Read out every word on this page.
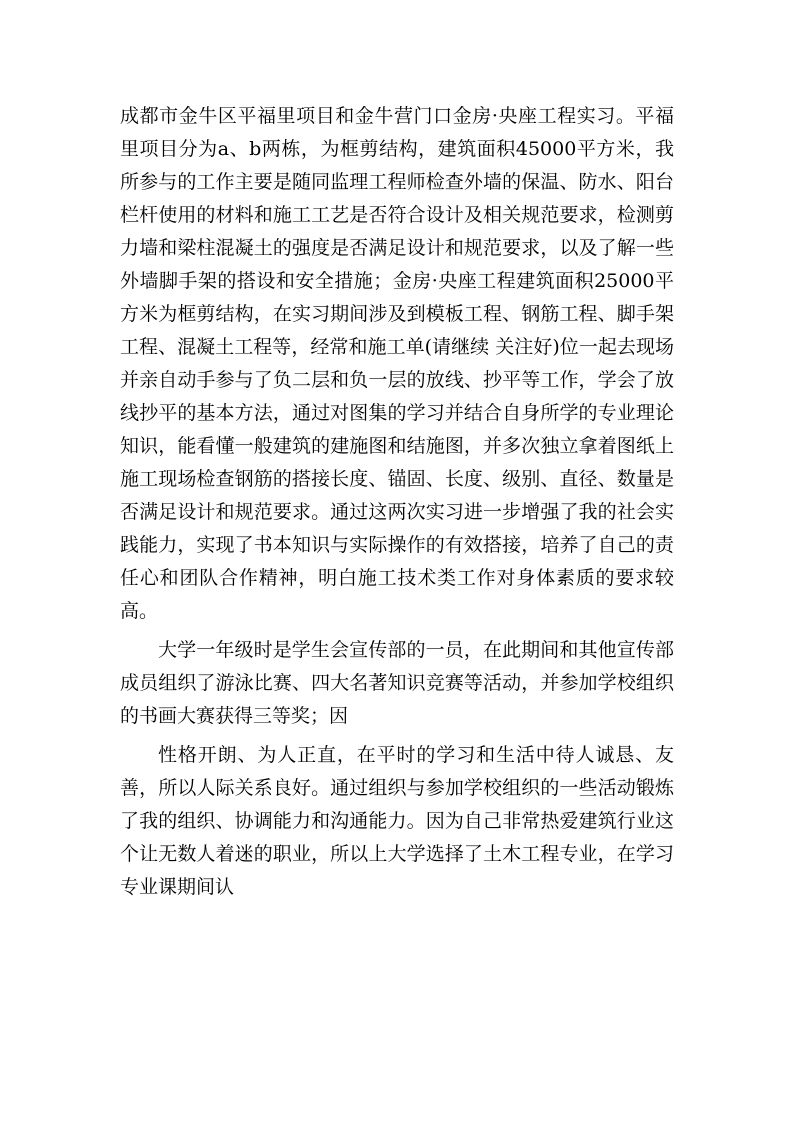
成都市金牛区平福里项目和金牛营门口金房·央座工程实习。平福里项目分为a、b两栋，为框剪结构，建筑面积45000平方米，我所参与的工作主要是随同监理工程师检查外墙的保温、防水、阳台栏杆使用的材料和施工工艺是否符合设计及相关规范要求，检测剪力墙和梁柱混凝土的强度是否满足设计和规范要求，以及了解一些外墙脚手架的搭设和安全措施；金房·央座工程建筑面积25000平方米为框剪结构，在实习期间涉及到模板工程、钢筋工程、脚手架工程、混凝土工程等，经常和施工单(请继续 关注好)位一起去现场并亲自动手参与了负二层和负一层的放线、抄平等工作，学会了放线抄平的基本方法，通过对图集的学习并结合自身所学的专业理论知识，能看懂一般建筑的建施图和结施图，并多次独立拿着图纸上施工现场检查钢筋的搭接长度、锚固、长度、级别、直径、数量是否满足设计和规范要求。通过这两次实习进一步增强了我的社会实践能力，实现了书本知识与实际操作的有效搭接，培养了自己的责任心和团队合作精神，明白施工技术类工作对身体素质的要求较高。

大学一年级时是学生会宣传部的一员，在此期间和其他宣传部成员组织了游泳比赛、四大名著知识竞赛等活动，并参加学校组织的书画大赛获得三等奖；因

性格开朗、为人正直，在平时的学习和生活中待人诚恳、友善，所以人际关系良好。通过组织与参加学校组织的一些活动锻炼了我的组织、协调能力和沟通能力。因为自己非常热爱建筑行业这个让无数人着迷的职业，所以上大学选择了土木工程专业，在学习专业课期间认
